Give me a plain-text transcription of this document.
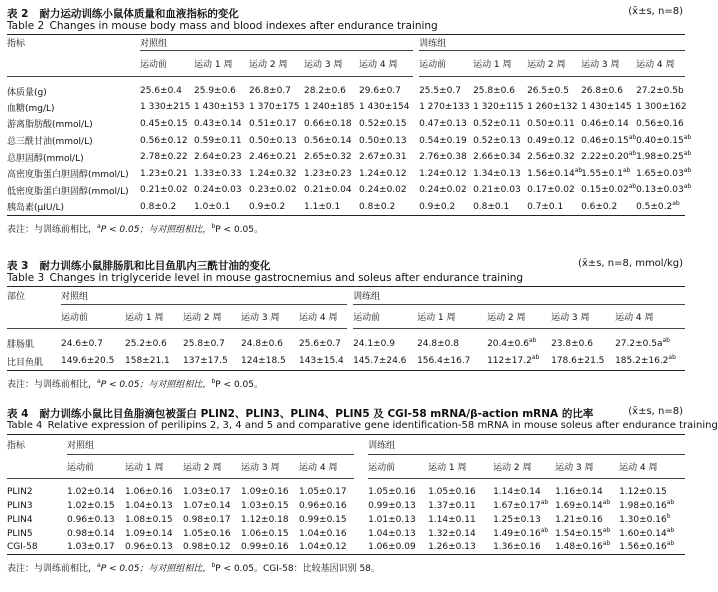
表 2 耐力运动训练小鼠体质量和血液指标的变化	(x̄±s, n=8)
Table 2 Changes in mouse body mass and blood indexes after endurance training
指标	对照组						训练组				
	运动前	运动 1 周	运动 2 周	运动 3 周	运动 4 周		运动前	运动 1 周	运动 2 周	运动 3 周	运动 4 周
体质量(g)	25.6±0.4	25.9±0.6	26.8±0.7	28.2±0.6	29.6±0.7		25.5±0.7	25.8±0.6	26.5±0.5	26.8±0.6	27.2±0.5b
血糖(mg/L)	1 330±215	1 430±153	1 370±175	1 240±185	1 430±154		1 270±133	1 320±115	1 260±132	1 430±145	1 300±162
游离脂肪酸(mmol/L)	0.45±0.15	0.43±0.14	0.51±0.17	0.66±0.18	0.52±0.15		0.47±0.13	0.52±0.11	0.50±0.11	0.46±0.14	0.56±0.16
总三酰甘油(mmol/L)	0.56±0.12	0.59±0.11	0.50±0.13	0.56±0.14	0.50±0.13		0.54±0.19	0.52±0.13	0.49±0.12	0.46±0.15$^{ab}$	0.40±0.15$^{ab}$
总胆固醇(mmol/L)	2.78±0.22	2.64±0.23	2.46±0.21	2.65±0.32	2.67±0.31		2.76±0.38	2.66±0.34	2.56±0.32	2.22±0.20$^{ab}$	1.98±0.25$^{ab}$
高密度脂蛋白胆固醇(mmol/L)	1.23±0.21	1.33±0.33	1.24±0.32	1.23±0.23	1.24±0.12		1.24±0.12	1.34±0.13	1.56±0.14$^{ab}$	1.55±0.1$^{ab}$	1.65±0.03$^{ab}$
低密度脂蛋白胆固醇(mmol/L)	0.21±0.02	0.24±0.03	0.23±0.02	0.21±0.04	0.24±0.02		0.24±0.02	0.21±0.03	0.17±0.02	0.15±0.02$^{ab}$	0.13±0.03$^{ab}$
胰岛素(μIU/L)	0.8±0.2	1.0±0.1	0.9±0.2	1.1±0.1	0.8±0.2		0.9±0.2	0.8±0.1	0.7±0.1	0.6±0.2	0.5±0.2$^{ab}$
表注：与训练前相比，$^a$P < 0.05；与对照组相比，$^b$P < 0.05。
表 3 耐力训练小鼠腓肠肌和比目鱼肌内三酰甘油的变化	(x̄±s, n=8, mmol/kg)
Table 3 Changes in triglyceride level in mouse gastrocnemius and soleus after endurance training
部位	对照组						训练组				
	运动前	运动 1 周	运动 2 周	运动 3 周	运动 4 周		运动前	运动 1 周	运动 2 周	运动 3 周	运动 4 周
腓肠肌	24.6±0.7	25.2±0.6	25.8±0.7	24.8±0.6	25.6±0.7		24.1±0.9	24.8±0.8	20.4±0.6$^{ab}$	23.8±0.6	$27.2\pm 0.5a^{ab}$
比目鱼肌	149.6±20.5	158±21.1	137±17.5	124±18.5	143±15.4		145.7±24.6	156.4±16.7	112±17.2$^{ab}$	178.6±21.5	185.2±16.2$^{ab}$
表注：与训练前相比，$^a$P < 0.05；与对照组相比，$^b$P < 0.05。
表 4 耐力训练小鼠比目鱼脂滴包被蛋白 PLIN2、PLIN3、PLIN4、PLIN5 及 CGI-58 mRNA/β-action mRNA 的比率	(x̄±s, n=8)
Table 4 Relative expression of perilipins 2, 3, 4 and 5 and comparative gene identification-58 mRNA in mouse soleus after endurance training
指标	对照组						训练组				
	运动前	运动 1 周	运动 2 周	运动 3 周	运动 4 周		运动前	运动 1 周	运动 2 周	运动 3 周	运动 4 周
PLIN2	1.02±0.14	1.06±0.16	1.03±0.17	1.09±0.16	1.05±0.17		1.05±0.16	1.05±0.16	1.14±0.14	1.16±0.14	1.12±0.15
PLIN3	1.02±0.15	1.04±0.13	1.07±0.14	1.03±0.15	0.96±0.16		0.99±0.13	1.37±0.11	1.67±0.17$^{ab}$	1.69±0.14$^{ab}$	1.98±0.16$^{ab}$
PLIN4	0.96±0.13	1.08±0.15	0.98±0.17	1.12±0.18	0.99±0.15		1.01±0.13	1.14±0.11	1.25±0.13	1.21±0.16	1.30±0.16$^b$
PLIN5	0.98±0.14	1.09±0.14	1.05±0.16	1.06±0.15	1.04±0.16		1.04±0.13	1.32±0.14	1.49±0.16$^{ab}$	1.54±0.15$^{ab}$	1.60±0.14$^{ab}$
CGI-58	1.03±0.17	0.96±0.13	0.98±0.12	0.99±0.16	1.04±0.12		1.06±0.09	1.26±0.13	1.36±0.16	1.48±0.16$^{ab}$	1.56±0.16$^{ab}$
表注：与训练前相比，$^a$P < 0.05；与对照组相比，$^b$P < 0.05。CGI-58：比较基因识别 58。
